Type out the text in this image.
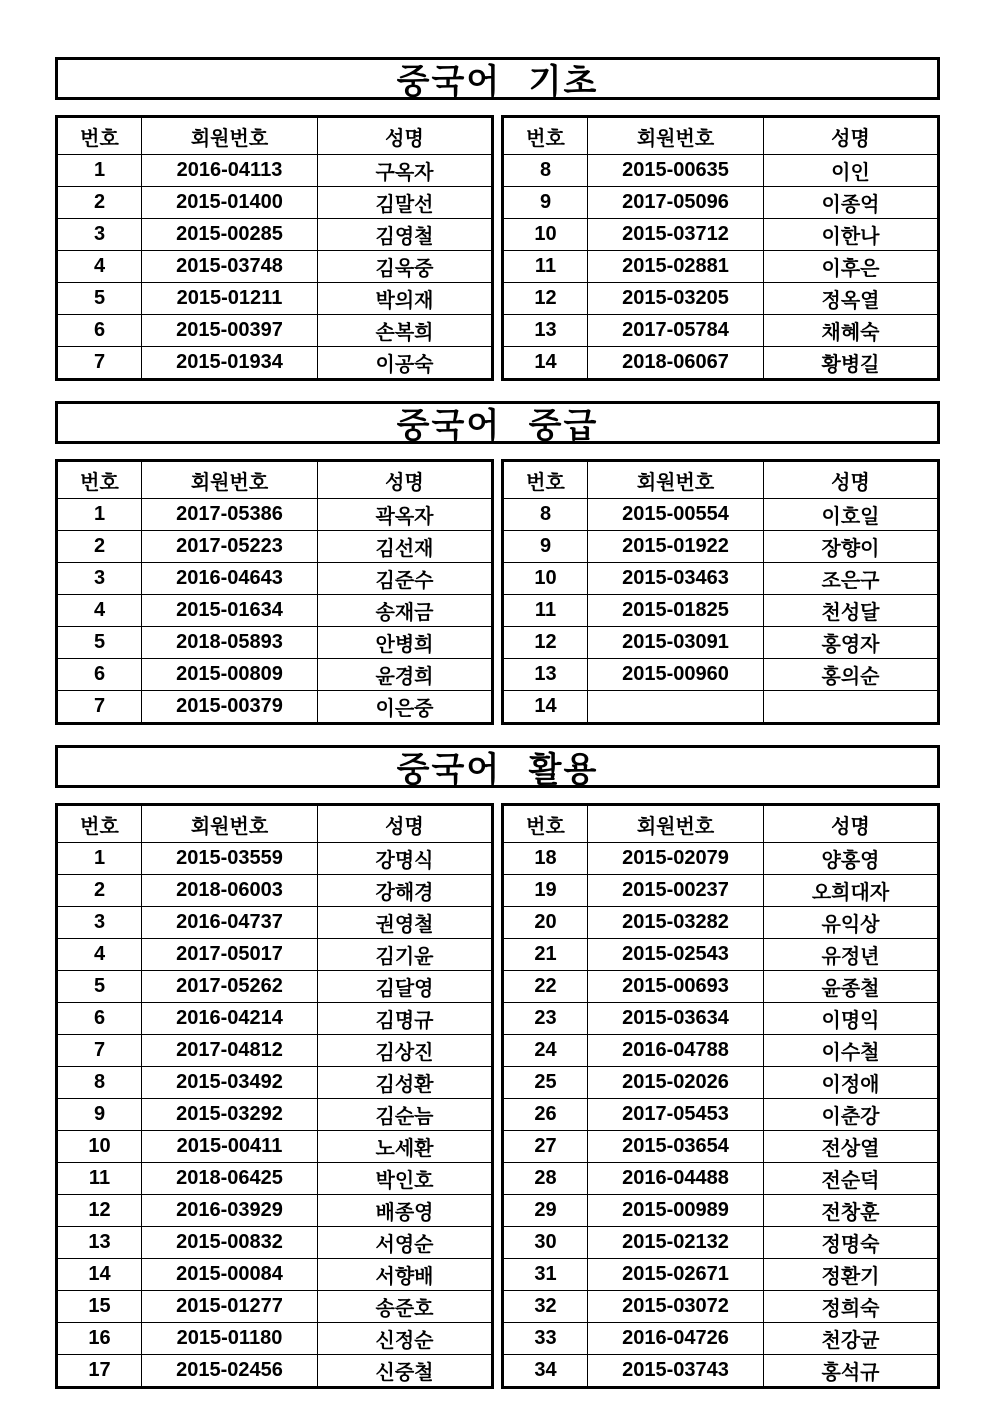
중국어 기초
번호	회원번호	성명
1	2016-04113	구옥자
2	2015-01400	김말선
3	2015-00285	김영철
4	2015-03748	김욱중
5	2015-01211	박의재
6	2015-00397	손복희
7	2015-01934	이공숙
번호	회원번호	성명
8	2015-00635	이인
9	2017-05096	이종억
10	2015-03712	이한나
11	2015-02881	이후은
12	2015-03205	정옥열
13	2017-05784	채혜숙
14	2018-06067	황병길
중국어 중급
번호	회원번호	성명
1	2017-05386	곽옥자
2	2017-05223	김선재
3	2016-04643	김준수
4	2015-01634	송재금
5	2018-05893	안병희
6	2015-00809	윤경희
7	2015-00379	이은중
번호	회원번호	성명
8	2015-00554	이호일
9	2015-01922	장향이
10	2015-03463	조은구
11	2015-01825	천성달
12	2015-03091	홍영자
13	2015-00960	홍의순
14		
중국어 활용
번호	회원번호	성명
1	2015-03559	강명식
2	2018-06003	강해경
3	2016-04737	권영철
4	2017-05017	김기윤
5	2017-05262	김달영
6	2016-04214	김명규
7	2017-04812	김상진
8	2015-03492	김성환
9	2015-03292	김순늠
10	2015-00411	노세환
11	2018-06425	박인호
12	2016-03929	배종영
13	2015-00832	서영순
14	2015-00084	서향배
15	2015-01277	송준호
16	2015-01180	신정순
17	2015-02456	신중철
번호	회원번호	성명
18	2015-02079	양홍영
19	2015-00237	오희대자
20	2015-03282	유익상
21	2015-02543	유정년
22	2015-00693	윤종철
23	2015-03634	이명익
24	2016-04788	이수철
25	2015-02026	이정애
26	2017-05453	이춘강
27	2015-03654	전상열
28	2016-04488	전순덕
29	2015-00989	전창훈
30	2015-02132	정명숙
31	2015-02671	정환기
32	2015-03072	정희숙
33	2016-04726	천강균
34	2015-03743	홍석규
